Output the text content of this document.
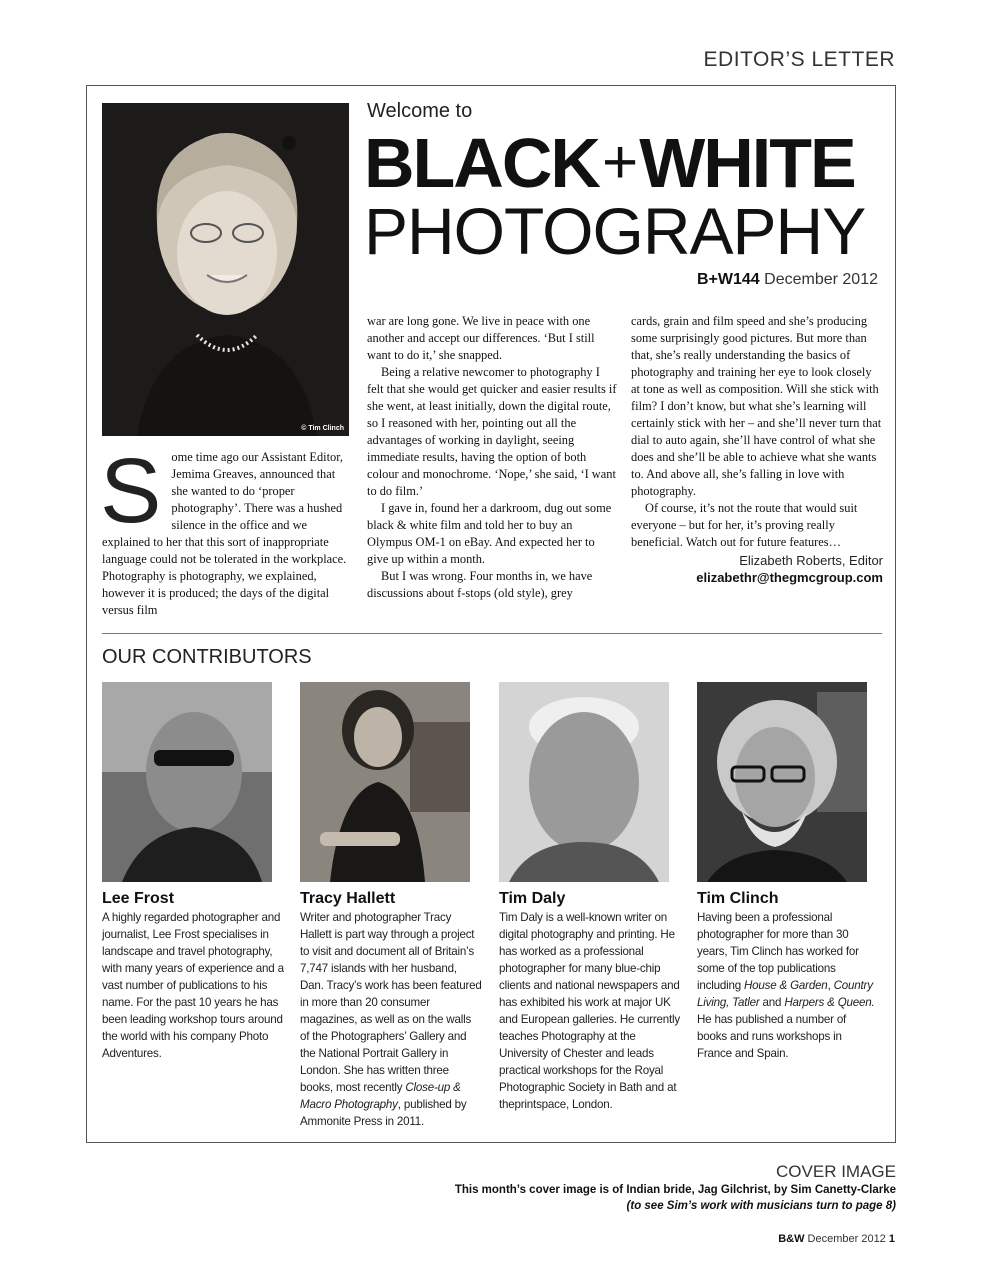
EDITOR’S LETTER
© Tim Clinch
Welcome to
BLACK+WHITE
PHOTOGRAPHY
B+W144 December 2012
Some time ago our Assistant Editor, Jemima Greaves, announced that she wanted to do ‘proper photography’. There was a hushed silence in the office and we explained to her that this sort of inappropriate language could not be tolerated in the workplace. Photography is photography, we explained, however it is produced; the days of the digital versus film

war are long gone. We live in peace with one another and accept our differences. ‘But I still want to do it,’ she snapped.

Being a relative newcomer to photography I felt that she would get quicker and easier results if she went, at least initially, down the digital route, so I reasoned with her, pointing out all the advantages of working in daylight, seeing immediate results, having the option of both colour and monochrome. ‘Nope,’ she said, ‘I want to do film.’

I gave in, found her a darkroom, dug out some black & white film and told her to buy an Olympus OM-1 on eBay. And expected her to give up within a month.

But I was wrong. Four months in, we have discussions about f-stops (old style), grey

cards, grain and film speed and she’s producing some surprisingly good pictures. But more than that, she’s really understanding the basics of photography and training her eye to look closely at tone as well as composition. Will she stick with film? I don’t know, but what she’s learning will certainly stick with her – and she’ll never turn that dial to auto again, she’ll have control of what she does and she’ll be able to achieve what she wants to. And above all, she’s falling in love with photography.

Of course, it’s not the route that would suit everyone – but for her, it’s proving really beneficial. Watch out for future features…

Elizabeth Roberts, Editor
elizabethr@thegmcgroup.com
OUR CONTRIBUTORS
Lee Frost
A highly regarded photographer and journalist, Lee Frost specialises in landscape and travel photography, with many years of experience and a vast number of publications to his name. For the past 10 years he has been leading workshop tours around the world with his company Photo Adventures.
Tracy Hallett
Writer and photographer Tracy Hallett is part way through a project to visit and document all of Britain’s 7,747 islands with her husband, Dan. Tracy’s work has been featured in more than 20 consumer magazines, as well as on the walls of the Photographers’ Gallery and the National Portrait Gallery in London. She has written three books, most recently Close-up & Macro Photography, published by Ammonite Press in 2011.
Tim Daly
Tim Daly is a well-known writer on digital photography and printing. He has worked as a professional photographer for many blue-chip clients and national newspapers and has exhibited his work at major UK and European galleries. He currently teaches Photography at the University of Chester and leads practical workshops for the Royal Photographic Society in Bath and at theprintspace, London.
Tim Clinch
Having been a professional photographer for more than 30 years, Tim Clinch has worked for some of the top publications including House & Garden, Country Living, Tatler and Harpers & Queen. He has published a number of books and runs workshops in France and Spain.
COVER IMAGE
This month’s cover image is of Indian bride, Jag Gilchrist, by Sim Canetty-Clarke
(to see Sim’s work with musicians turn to page 8)
B&W December 2012 1
